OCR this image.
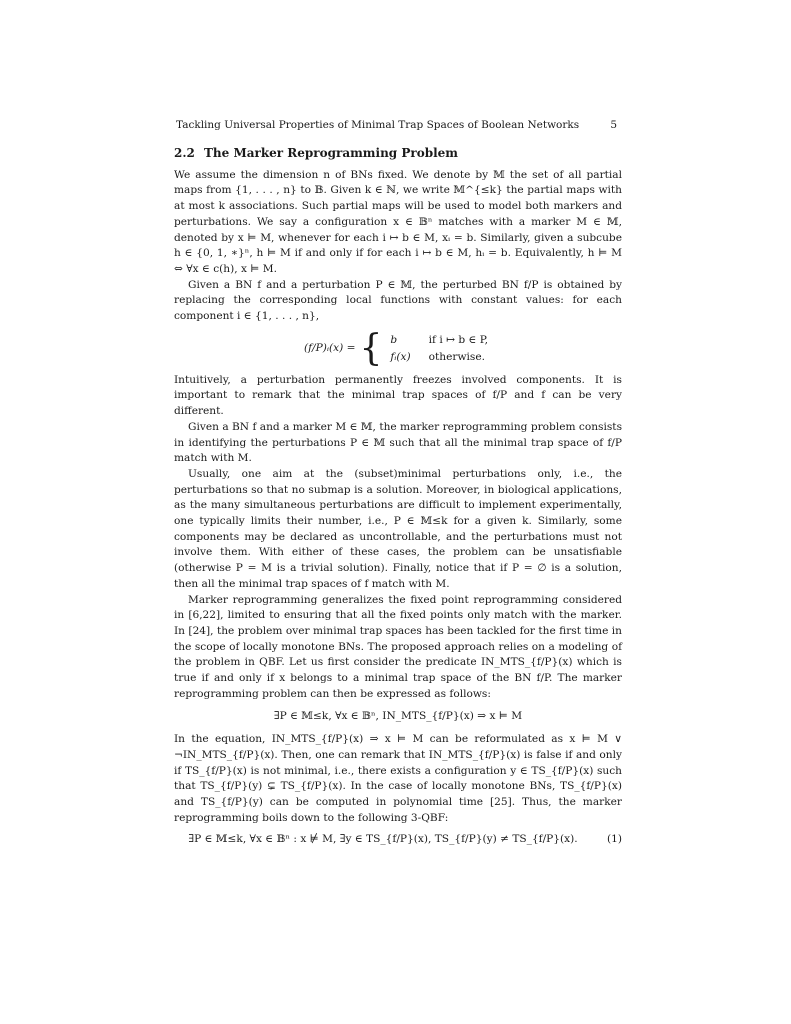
Tackling Universal Properties of Minimal Trap Spaces of Boolean Networks	5
2.2 The Marker Reprogramming Problem

We assume the dimension n of BNs fixed. We denote by 𝕄 the set of all partial maps from {1, . . . , n} to 𝔹. Given k ∈ ℕ, we write 𝕄^{≤k} the partial maps with at most k associations. Such partial maps will be used to model both markers and perturbations. We say a configuration x ∈ 𝔹ⁿ matches with a marker M ∈ 𝕄, denoted by x ⊨ M, whenever for each i ↦ b ∈ M, xᵢ = b. Similarly, given a subcube h ∈ {0, 1, ∗}ⁿ, h ⊨ M if and only if for each i ↦ b ∈ M, hᵢ = b. Equivalently, h ⊨ M ⇔ ∀x ∈ c(h), x ⊨ M.

Given a BN f and a perturbation P ∈ 𝕄, the perturbed BN f/P is obtained by replacing the corresponding local functions with constant values: for each component i ∈ {1, . . . , n},

(f/P)ᵢ(x) = { b	if i ↦ b ∈ P,
fᵢ(x)	otherwise.

Intuitively, a perturbation permanently freezes involved components. It is important to remark that the minimal trap spaces of f/P and f can be very different.

Given a BN f and a marker M ∈ 𝕄, the marker reprogramming problem consists in identifying the perturbations P ∈ 𝕄 such that all the minimal trap space of f/P match with M.

Usually, one aim at the (subset)minimal perturbations only, i.e., the perturbations so that no submap is a solution. Moreover, in biological applications, as the many simultaneous perturbations are difficult to implement experimentally, one typically limits their number, i.e., P ∈ 𝕄≤k for a given k. Similarly, some components may be declared as uncontrollable, and the perturbations must not involve them. With either of these cases, the problem can be unsatisfiable (otherwise P = M is a trivial solution). Finally, notice that if P = ∅ is a solution, then all the minimal trap spaces of f match with M.

Marker reprogramming generalizes the fixed point reprogramming considered in [6,22], limited to ensuring that all the fixed points only match with the marker. In [24], the problem over minimal trap spaces has been tackled for the first time in the scope of locally monotone BNs. The proposed approach relies on a modeling of the problem in QBF. Let us first consider the predicate IN_MTS_{f/P}(x) which is true if and only if x belongs to a minimal trap space of the BN f/P. The marker reprogramming problem can then be expressed as follows:

∃P ∈ 𝕄≤k, ∀x ∈ 𝔹ⁿ, IN_MTS_{f/P}(x) ⇒ x ⊨ M

In the equation, IN_MTS_{f/P}(x) ⇒ x ⊨ M can be reformulated as x ⊨ M ∨ ¬IN_MTS_{f/P}(x). Then, one can remark that IN_MTS_{f/P}(x) is false if and only if TS_{f/P}(x) is not minimal, i.e., there exists a configuration y ∈ TS_{f/P}(x) such that TS_{f/P}(y) ⊊ TS_{f/P}(x). In the case of locally monotone BNs, TS_{f/P}(x) and TS_{f/P}(y) can be computed in polynomial time [25]. Thus, the marker reprogramming boils down to the following 3-QBF:

∃P ∈ 𝕄≤k, ∀x ∈ 𝔹ⁿ : x ⊭ M, ∃y ∈ TS_{f/P}(x), TS_{f/P}(y) ≠ TS_{f/P}(x).	(1)
